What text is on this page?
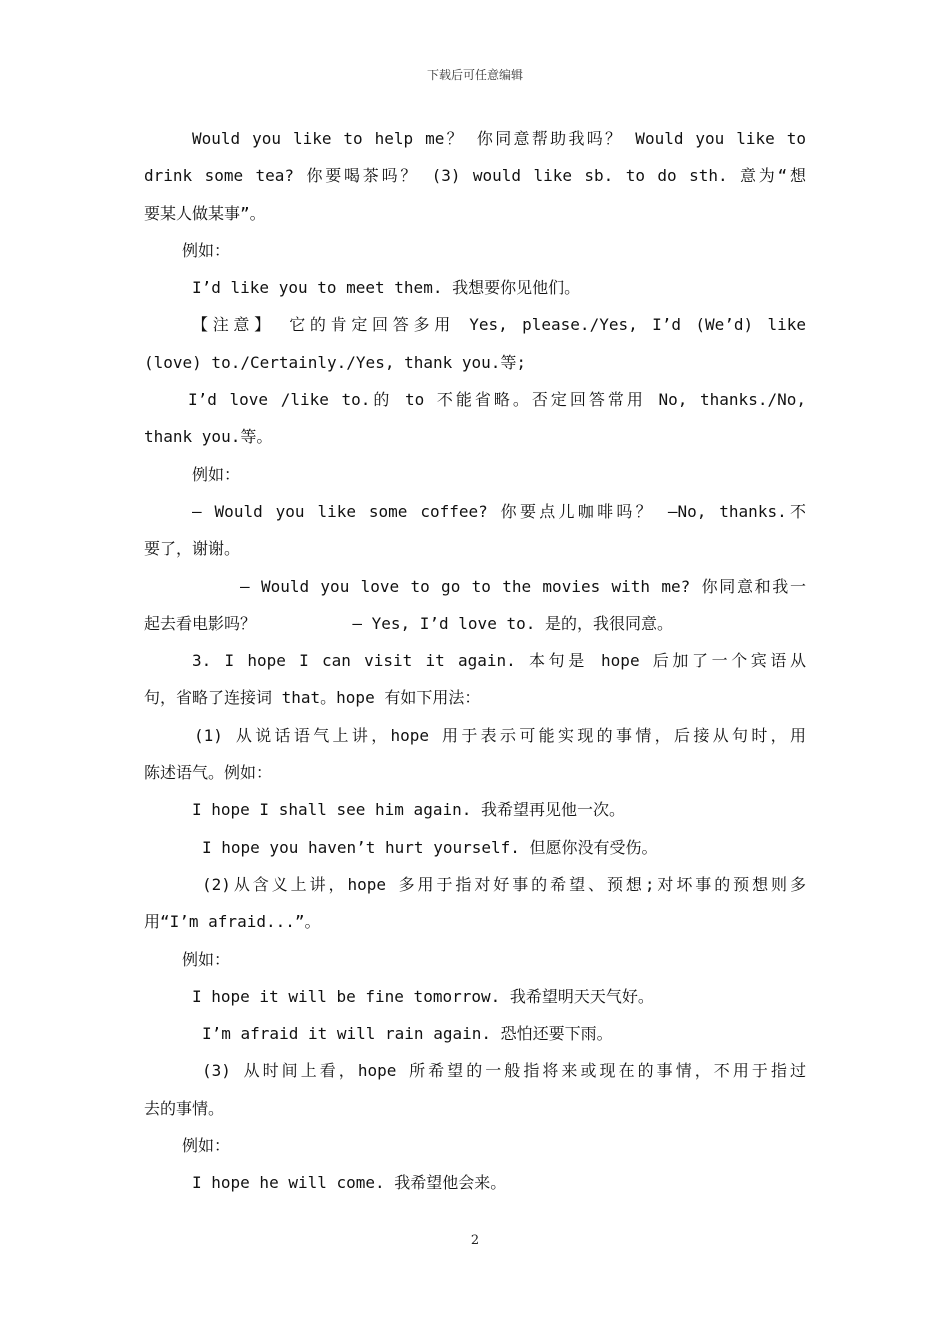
下载后可任意编辑
Would you like to help me？ 你同意帮助我吗？ Would you like to
drink some tea? 你要喝茶吗？ (3) would like sb. to do sth. 意为“想
要某人做某事”。
例如：
I’d like you to meet them. 我想要你见他们。
【注意】 它的肯定回答多用 Yes, please./Yes, I’d (We’d) like
(love) to./Certainly./Yes, thank you.等;
I’d love /like to.的 to 不能省略。否定回答常用 No, thanks./No,
thank you.等。
例如：
— Would you like some coffee? 你要点儿咖啡吗？ —No, thanks.不
要了，谢谢。
— Would you love to go to the movies with me? 你同意和我一
起去看电影吗？          — Yes, I’d love to. 是的，我很同意。
3. I hope I can visit it again. 本句是 hope 后加了一个宾语从
句，省略了连接词 that。hope 有如下用法：
(1) 从说话语气上讲，hope 用于表示可能实现的事情，后接从句时，用
陈述语气。例如：
I hope I shall see him again. 我希望再见他一次。
I hope you haven’t hurt yourself. 但愿你没有受伤。
(2)从含义上讲，hope 多用于指对好事的希望、预想;对坏事的预想则多
用“I’m afraid...”。
例如：
I hope it will be fine tomorrow. 我希望明天天气好。
I’m afraid it will rain again. 恐怕还要下雨。
(3) 从时间上看，hope 所希望的一般指将来或现在的事情，不用于指过
去的事情。
例如：
I hope he will come. 我希望他会来。
2
